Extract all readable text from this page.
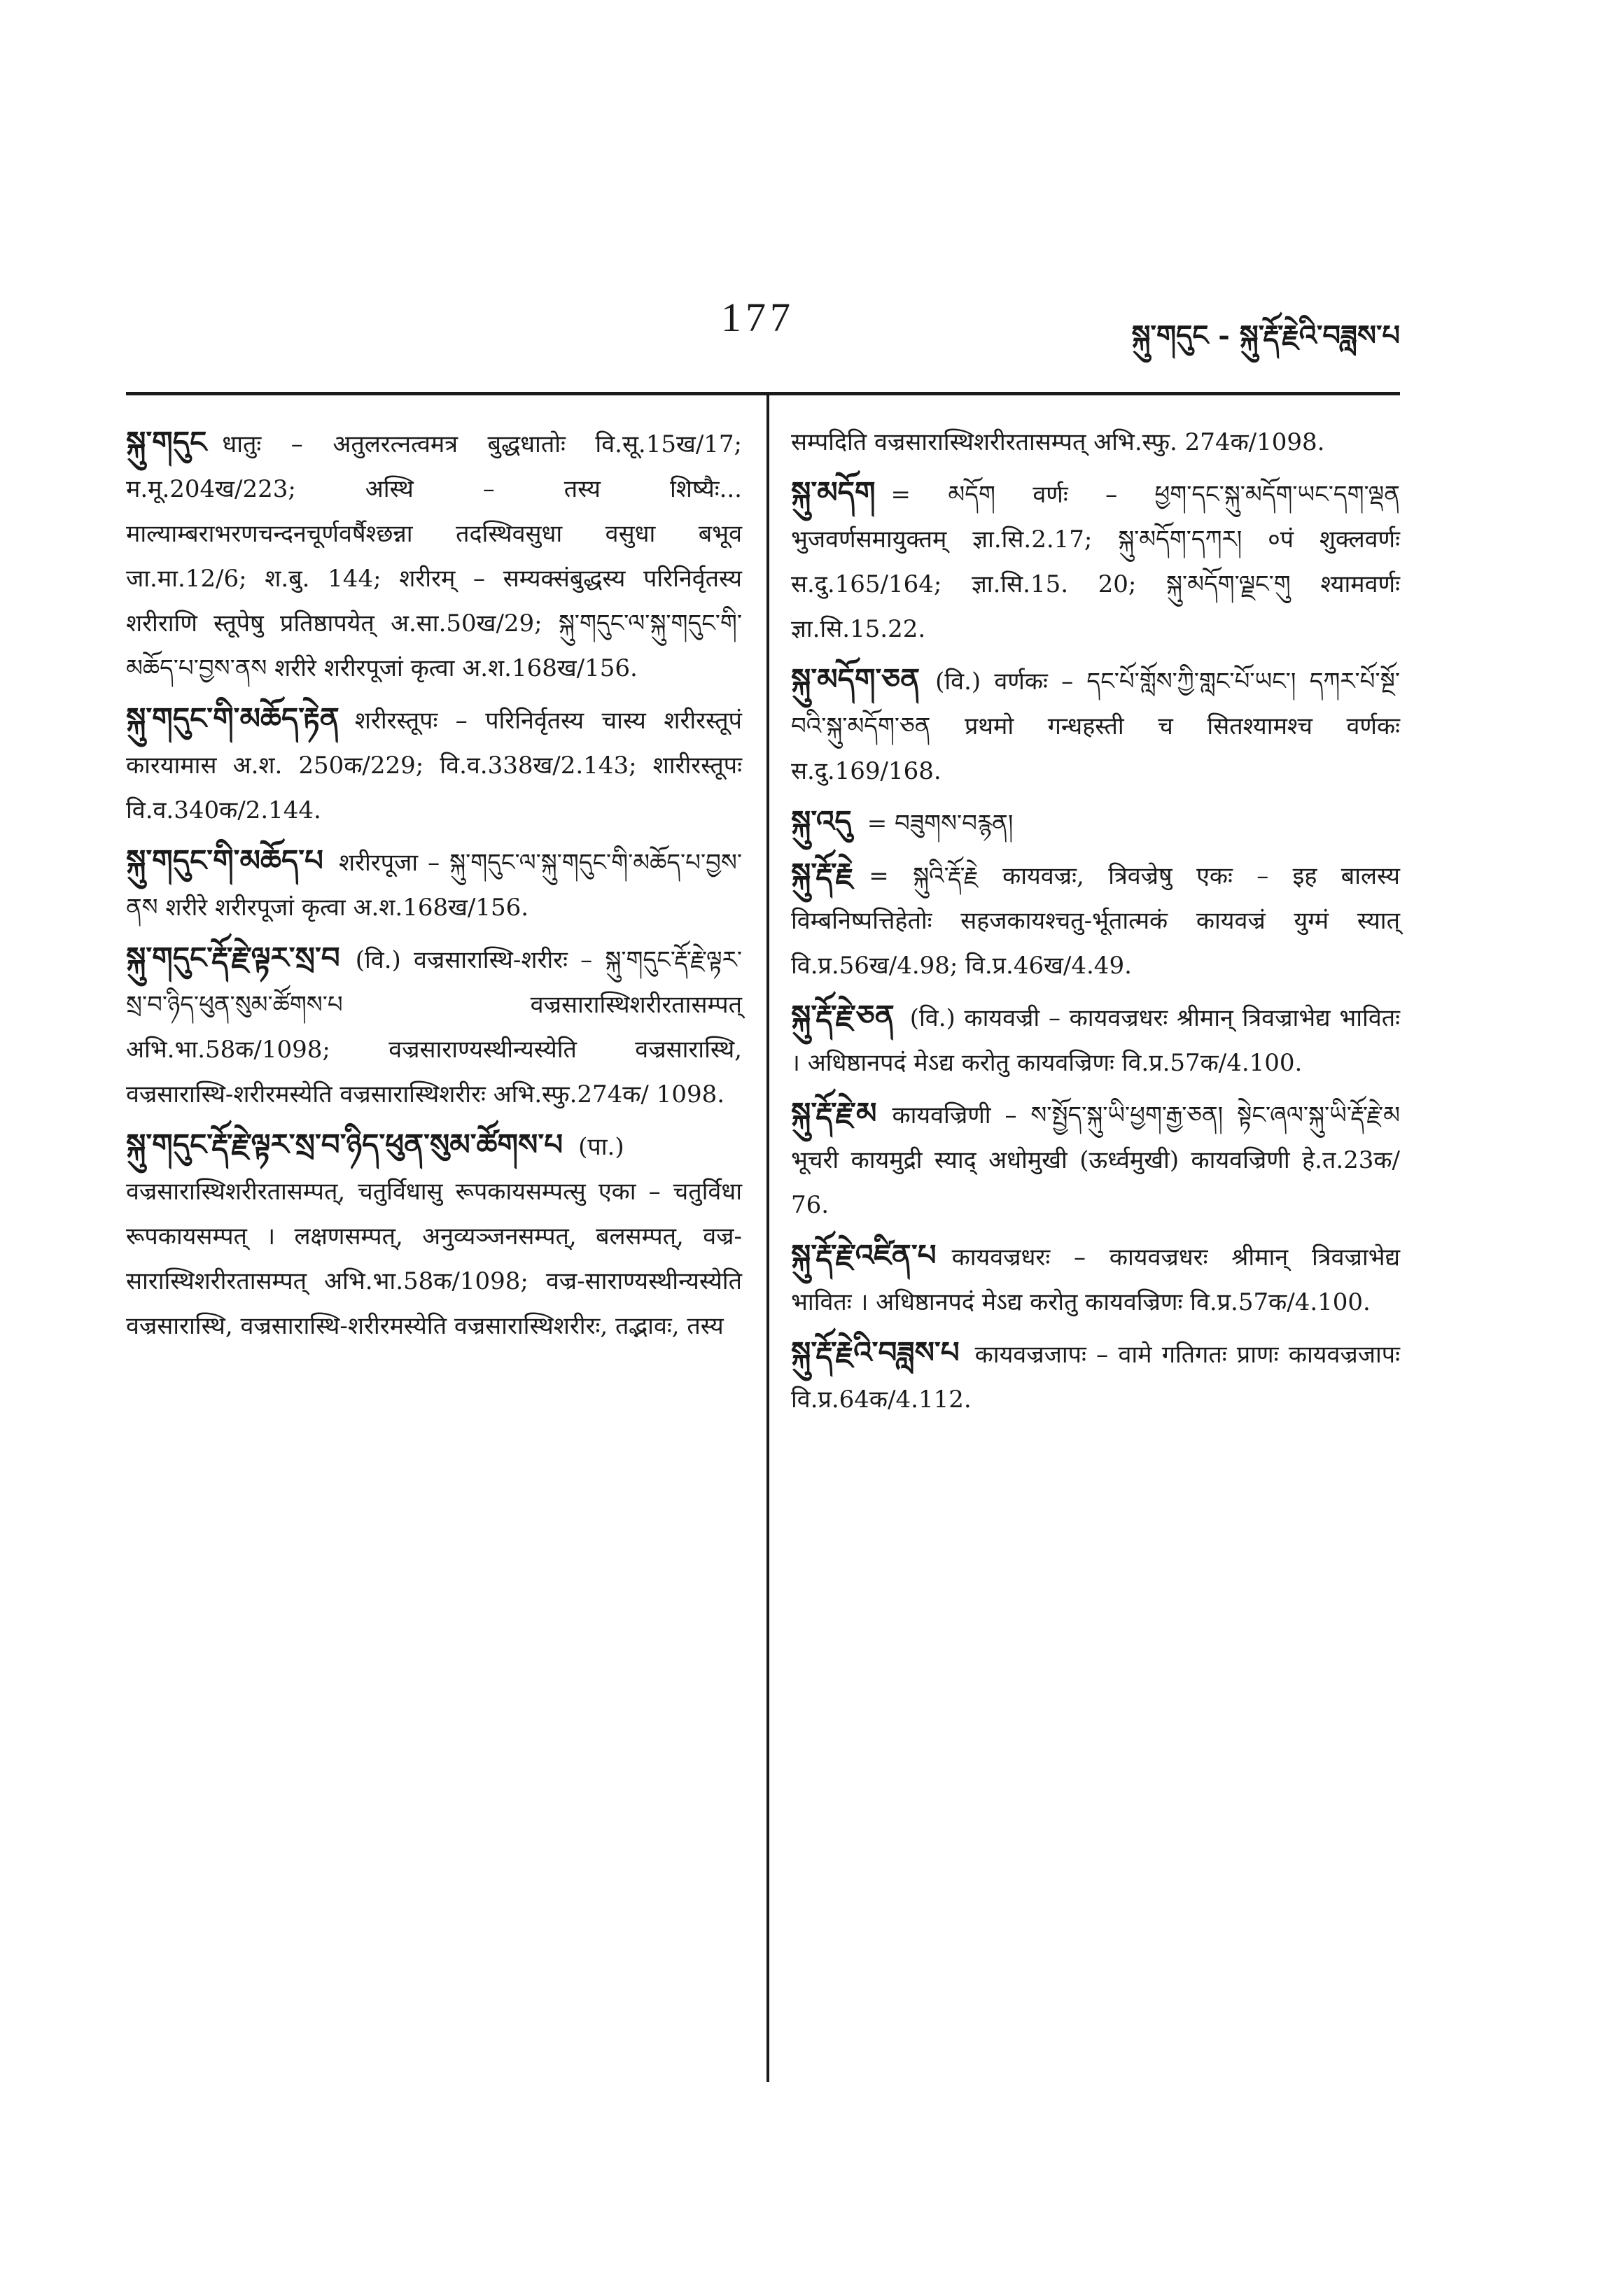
177	སྐུ་གདུང - སྐུ་རྡོ་རྗེའི་བཟླས་པ

སྐུ་གདུང धातुः – अतुलरत्नत्वमत्र बुद्धधातोः वि.सू.15ख/17; म.मू.204ख/223; अस्थि – तस्य शिष्यैः... माल्याम्बराभरणचन्दनचूर्णवर्षैश्छन्ना तदस्थिवसुधा वसुधा बभूव जा.मा.12/6; श.बु. 144; शरीरम् – सम्यक्संबुद्धस्य परिनिर्वृतस्य शरीराणि स्तूपेषु प्रतिष्ठापयेत् अ.सा.50ख/29; སྐུ་གདུང་ལ་སྐུ་གདུང་གི་མཆོད་པ་བྱས་ནས शरीरे शरीरपूजां कृत्वा अ.श.168ख/156.

སྐུ་གདུང་གི་མཆོད་རྟེན शरीरस्तूपः – परिनिर्वृतस्य चास्य शरीरस्तूपं कारयामास अ.श. 250क/229; वि.व.338ख/2.143; शारीरस्तूपः वि.व.340क/2.144.

སྐུ་གདུང་གི་མཆོད་པ शरीरपूजा – སྐུ་གདུང་ལ་སྐུ་གདུང་གི་མཆོད་པ་བྱས་ནས शरीरे शरीरपूजां कृत्वा अ.श.168ख/156.

སྐུ་གདུང་རྡོ་རྗེ་ལྟར་སྲ་བ (वि.) वज्रसारास्थि-शरीरः – སྐུ་གདུང་རྡོ་རྗེ་ལྟར་སྲ་བ་ཉིད་ཕུན་སུམ་ཚོགས་པ वज्रसारास्थिशरीरतासम्पत् अभि.भा.58क/1098; वज्रसाराण्यस्थीन्यस्येति वज्रसारास्थि, वज्रसारास्थि-शरीरमस्येति वज्रसारास्थिशरीरः अभि.स्फु.274क/ 1098.

སྐུ་གདུང་རྡོ་རྗེ་ལྟར་སྲ་བ་ཉིད་ཕུན་སུམ་ཚོགས་པ (पा.) वज्रसारास्थिशरीरतासम्पत्, चतुर्विधासु रूपकायसम्पत्सु एका – चतुर्विधा रूपकायसम्पत् । लक्षणसम्पत्, अनुव्यञ्जनसम्पत्, बलसम्पत्, वज्र-सारास्थिशरीरतासम्पत् अभि.भा.58क/1098; वज्र-साराण्यस्थीन्यस्येति वज्रसारास्थि, वज्रसारास्थि-शरीरमस्येति वज्रसारास्थिशरीरः, तद्भावः, तस्य

सम्पदिति वज्रसारास्थिशरीरतासम्पत् अभि.स्फु. 274क/1098.

སྐུ་མདོག = མདོག वर्णः – ཕྱག་དང་སྐུ་མདོག་ཡང་དག་ལྡན भुजवर्णसमायुक्तम् ज्ञा.सि.2.17; སྐུ་མདོག་དཀར། ०पं शुक्लवर्णः स.दु.165/164; ज्ञा.सि.15. 20; སྐུ་མདོག་ལྗང་གུ श्यामवर्णः ज्ञा.सि.15.22.

སྐུ་མདོག་ཅན (वि.) वर्णकः – དང་པོ་གློས་ཀྱི་གླང་པོ་ཡང་། དཀར་པོ་སྔོ་བའི་སྐུ་མདོག་ཅན प्रथमो गन्धहस्ती च सितश्यामश्च वर्णकः स.दु.169/168.

སྐུ་འདུ = བཟུགས་བརྙན།

སྐུ་རྡོ་རྗེ = སྐུའི་རྡོ་རྗེ कायवज्रः, त्रिवज्रेषु एकः – इह बालस्य विम्बनिष्पत्तिहेतोः सहजकायश्चतु-र्भूतात्मकं कायवज्रं युग्मं स्यात् वि.प्र.56ख/4.98; वि.प्र.46ख/4.49.

སྐུ་རྡོ་རྗེ་ཅན (वि.) कायवज्री – कायवज्रधरः श्रीमान् त्रिवज्राभेद्य भावितः । अधिष्ठानपदं मेऽद्य करोतु कायवज्रिणः वि.प्र.57क/4.100.

སྐུ་རྡོ་རྗེ་མ कायवज्रिणी – ས་སྤྱོད་སྐུ་ཡི་ཕྱག་རྒྱ་ཅན། སྟེང་ཞལ་སྐུ་ཡི་རྡོ་རྗེ་མ भूचरी कायमुद्री स्याद् अधोमुखी (ऊर्ध्वमुखी) कायवज्रिणी हे.त.23क/ 76.

སྐུ་རྡོ་རྗེ་འཛིན་པ कायवज्रधरः – कायवज्रधरः श्रीमान् त्रिवज्राभेद्य भावितः । अधिष्ठानपदं मेऽद्य करोतु कायवज्रिणः वि.प्र.57क/4.100.

སྐུ་རྡོ་རྗེའི་བཟླས་པ कायवज्रजापः – वामे गतिगतः प्राणः कायवज्रजापः वि.प्र.64क/4.112.
